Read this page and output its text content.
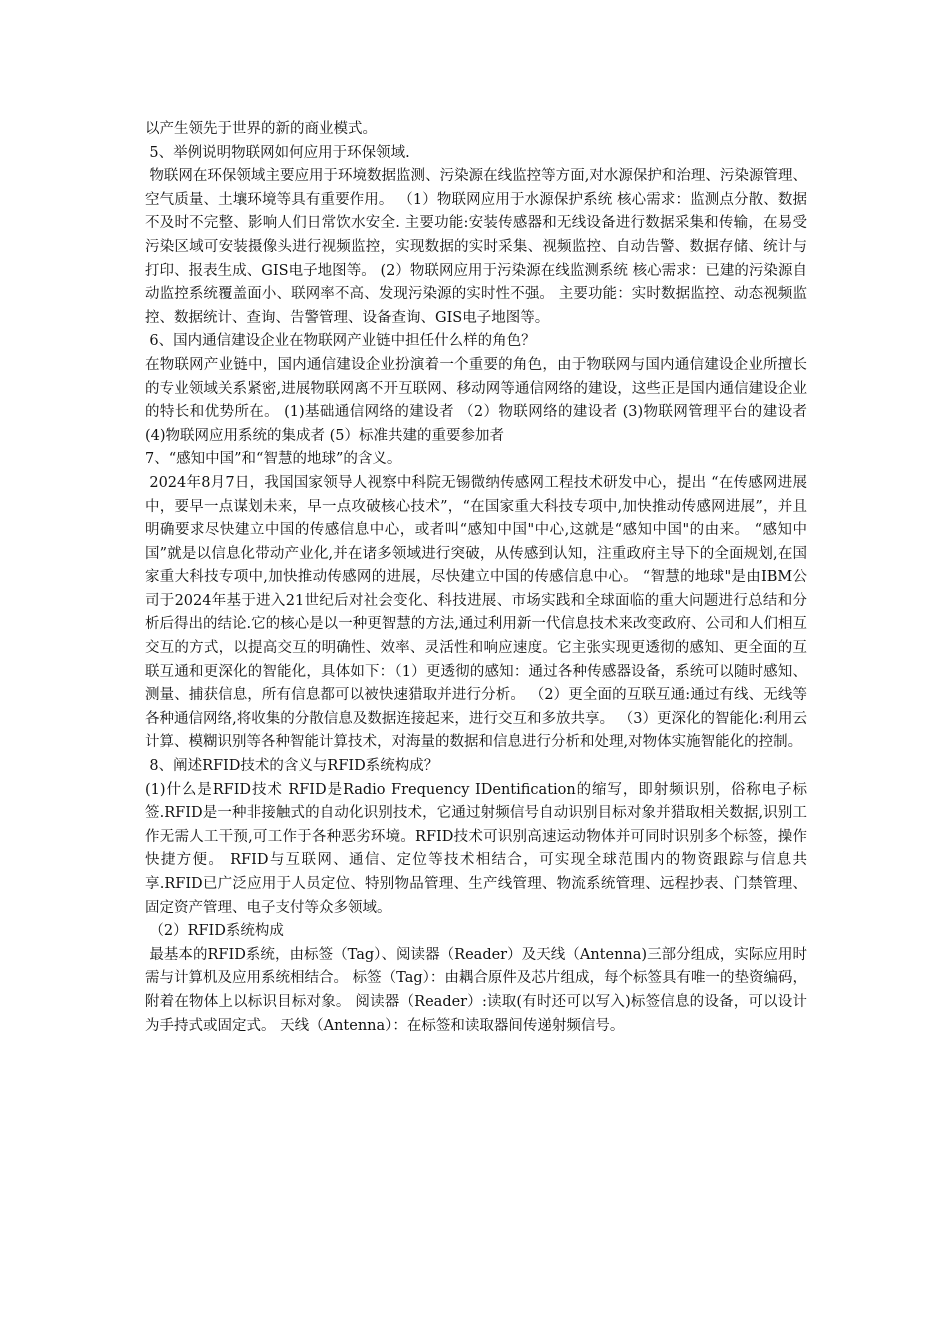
以产生领先于世界的新的商业模式。

5、举例说明物联网如何应用于环保领域.

物联网在环保领域主要应用于环境数据监测、污染源在线监控等方面,对水源保护和治理、污染源管理、空气质量、土壤环境等具有重要作用。 （1）物联网应用于水源保护系统 核心需求：监测点分散、数据不及时不完整、影响人们日常饮水安全. 主要功能:安装传感器和无线设备进行数据采集和传输，在易受污染区域可安装摄像头进行视频监控，实现数据的实时采集、视频监控、自动告警、数据存储、统计与打印、报表生成、GIS电子地图等。 (2）物联网应用于污染源在线监测系统 核心需求：已建的污染源自动监控系统覆盖面小、联网率不高、发现污染源的实时性不强。 主要功能：实时数据监控、动态视频监控、数据统计、查询、告警管理、设备查询、GIS电子地图等。

6、国内通信建设企业在物联网产业链中担任什么样的角色？

在物联网产业链中，国内通信建设企业扮演着一个重要的角色，由于物联网与国内通信建设企业所擅长的专业领域关系紧密,进展物联网离不开互联网、移动网等通信网络的建设，这些正是国内通信建设企业的特长和优势所在。 (1)基础通信网络的建设者 （2）物联网络的建设者 (3)物联网管理平台的建设者 (4)物联网应用系统的集成者 (5）标准共建的重要参加者

7、“感知中国”和“智慧的地球”的含义。

2024年8月7日，我国国家领导人视察中科院无锡微纳传感网工程技术研发中心，提出 “在传感网进展中，要早一点谋划未来，早一点攻破核心技术”，“在国家重大科技专项中,加快推动传感网进展”，并且明确要求尽快建立中国的传感信息中心，或者叫“感知中国"中心,这就是“感知中国"的由来。 “感知中国”就是以信息化带动产业化,并在诸多领域进行突破，从传感到认知，注重政府主导下的全面规划,在国家重大科技专项中,加快推动传感网的进展，尽快建立中国的传感信息中心。 “智慧的地球"是由IBM公司于2024年基于进入21世纪后对社会变化、科技进展、市场实践和全球面临的重大问题进行总结和分析后得出的结论.它的核心是以一种更智慧的方法,通过利用新一代信息技术来改变政府、公司和人们相互交互的方式，以提高交互的明确性、效率、灵活性和响应速度。它主张实现更透彻的感知、更全面的互联互通和更深化的智能化，具体如下：（1）更透彻的感知：通过各种传感器设备，系统可以随时感知、测量、捕获信息，所有信息都可以被快速猎取并进行分析。 （2）更全面的互联互通:通过有线、无线等各种通信网络,将收集的分散信息及数据连接起来，进行交互和多放共享。 （3）更深化的智能化:利用云计算、模糊识别等各种智能计算技术，对海量的数据和信息进行分析和处理,对物体实施智能化的控制。

8、阐述RFID技术的含义与RFID系统构成？

(1)什么是RFID技术 RFID是Radio Frequency IDentification的缩写，即射频识别，俗称电子标签.RFID是一种非接触式的自动化识别技术，它通过射频信号自动识别目标对象并猎取相关数据,识别工作无需人工干预,可工作于各种恶劣环境。RFID技术可识别高速运动物体并可同时识别多个标签，操作快捷方便。 RFID与互联网、通信、定位等技术相结合，可实现全球范围内的物资跟踪与信息共享.RFID已广泛应用于人员定位、特别物品管理、生产线管理、物流系统管理、远程抄表、门禁管理、固定资产管理、电子支付等众多领域。

（2）RFID系统构成

最基本的RFID系统，由标签（Tag）、阅读器（Reader）及天线（Antenna)三部分组成，实际应用时需与计算机及应用系统相结合。 标签（Tag）：由耦合原件及芯片组成，每个标签具有唯一的垫资编码，附着在物体上以标识目标对象。 阅读器（Reader）:读取(有时还可以写入)标签信息的设备，可以设计为手持式或固定式。 天线（Antenna）：在标签和读取器间传递射频信号。
